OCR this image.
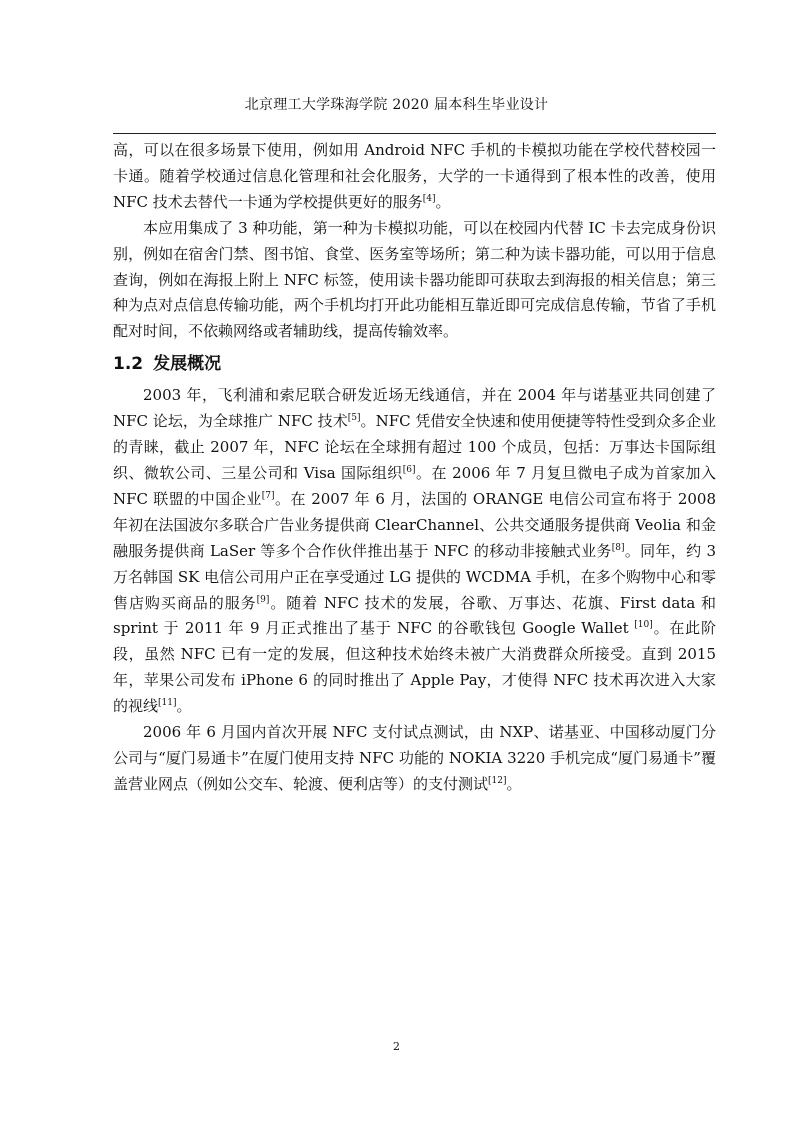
北京理工大学珠海学院 2020 届本科生毕业设计

高，可以在很多场景下使用，例如用 Android NFC 手机的卡模拟功能在学校代替校园一卡通。随着学校通过信息化管理和社会化服务，大学的一卡通得到了根本性的改善，使用 NFC 技术去替代一卡通为学校提供更好的服务[4]。

本应用集成了 3 种功能，第一种为卡模拟功能，可以在校园内代替 IC 卡去完成身份识别，例如在宿舍门禁、图书馆、食堂、医务室等场所；第二种为读卡器功能，可以用于信息查询，例如在海报上附上 NFC 标签，使用读卡器功能即可获取去到海报的相关信息；第三种为点对点信息传输功能，两个手机均打开此功能相互靠近即可完成信息传输，节省了手机配对时间，不依赖网络或者辅助线，提高传输效率。

1.2 发展概况

2003 年，飞利浦和索尼联合研发近场无线通信，并在 2004 年与诺基亚共同创建了 NFC 论坛，为全球推广 NFC 技术[5]。NFC 凭借安全快速和使用便捷等特性受到众多企业的青睐，截止 2007 年，NFC 论坛在全球拥有超过 100 个成员，包括：万事达卡国际组织、微软公司、三星公司和 Visa 国际组织[6]。在 2006 年 7 月复旦微电子成为首家加入 NFC 联盟的中国企业[7]。在 2007 年 6 月，法国的 ORANGE 电信公司宣布将于 2008 年初在法国波尔多联合广告业务提供商 ClearChannel、公共交通服务提供商 Veolia 和金融服务提供商 LaSer 等多个合作伙伴推出基于 NFC 的移动非接触式业务[8]。同年，约 3 万名韩国 SK 电信公司用户正在享受通过 LG 提供的 WCDMA 手机，在多个购物中心和零售店购买商品的服务[9]。随着 NFC 技术的发展，谷歌、万事达、花旗、First data 和 sprint 于 2011 年 9 月正式推出了基于 NFC 的谷歌钱包 Google Wallet [10]。在此阶段，虽然 NFC 已有一定的发展，但这种技术始终未被广大消费群众所接受。直到 2015 年，苹果公司发布 iPhone 6 的同时推出了 Apple Pay，才使得 NFC 技术再次进入大家的视线[11]。

2006 年 6 月国内首次开展 NFC 支付试点测试，由 NXP、诺基亚、中国移动厦门分公司与“厦门易通卡”在厦门使用支持 NFC 功能的 NOKIA 3220 手机完成“厦门易通卡”覆盖营业网点（例如公交车、轮渡、便利店等）的支付测试[12]。

2
